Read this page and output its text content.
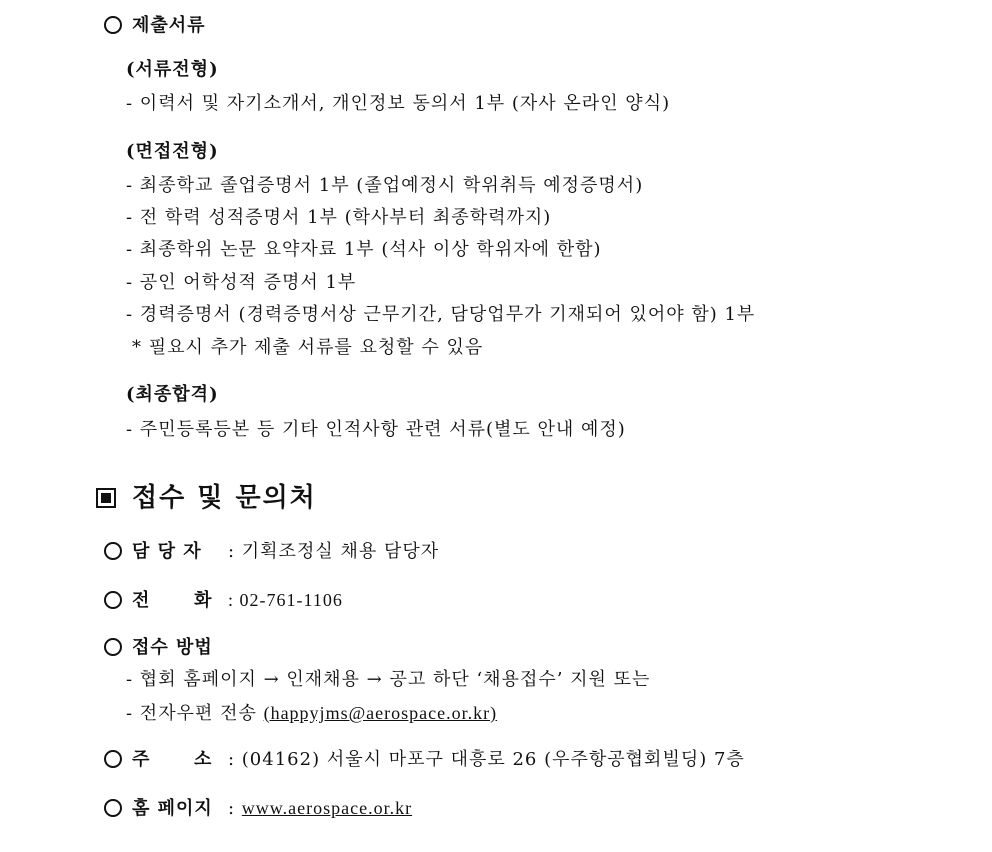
제출서류
(서류전형)
- 이력서 및 자기소개서, 개인정보 동의서 1부 (자사 온라인 양식)
(면접전형)
- 최종학교 졸업증명서 1부 (졸업예정시 학위취득 예정증명서)
- 전 학력 성적증명서 1부 (학사부터 최종학력까지)
- 최종학위 논문 요약자료 1부 (석사 이상 학위자에 한함)
- 공인 어학성적 증명서 1부
- 경력증명서 (경력증명서상 근무기간, 담당업무가 기재되어 있어야 함) 1부
* 필요시 추가 제출 서류를 요청할 수 있음
(최종합격)
- 주민등록등본 등 기타 인적사항 관련 서류(별도 안내 예정)
접수 및 문의처
담 당 자 : 기획조정실 채용 담당자
전      화 : 02-761-1106
접수 방법
- 협회 홈페이지 → 인재채용 → 공고 하단 ‘채용접수’ 지원 또는
- 전자우편 전송 (happyjms@aerospace.or.kr)
주      소 : (04162) 서울시 마포구 대흥로 26 (우주항공협회빌딩) 7층
홈 페이지 : www.aerospace.or.kr
